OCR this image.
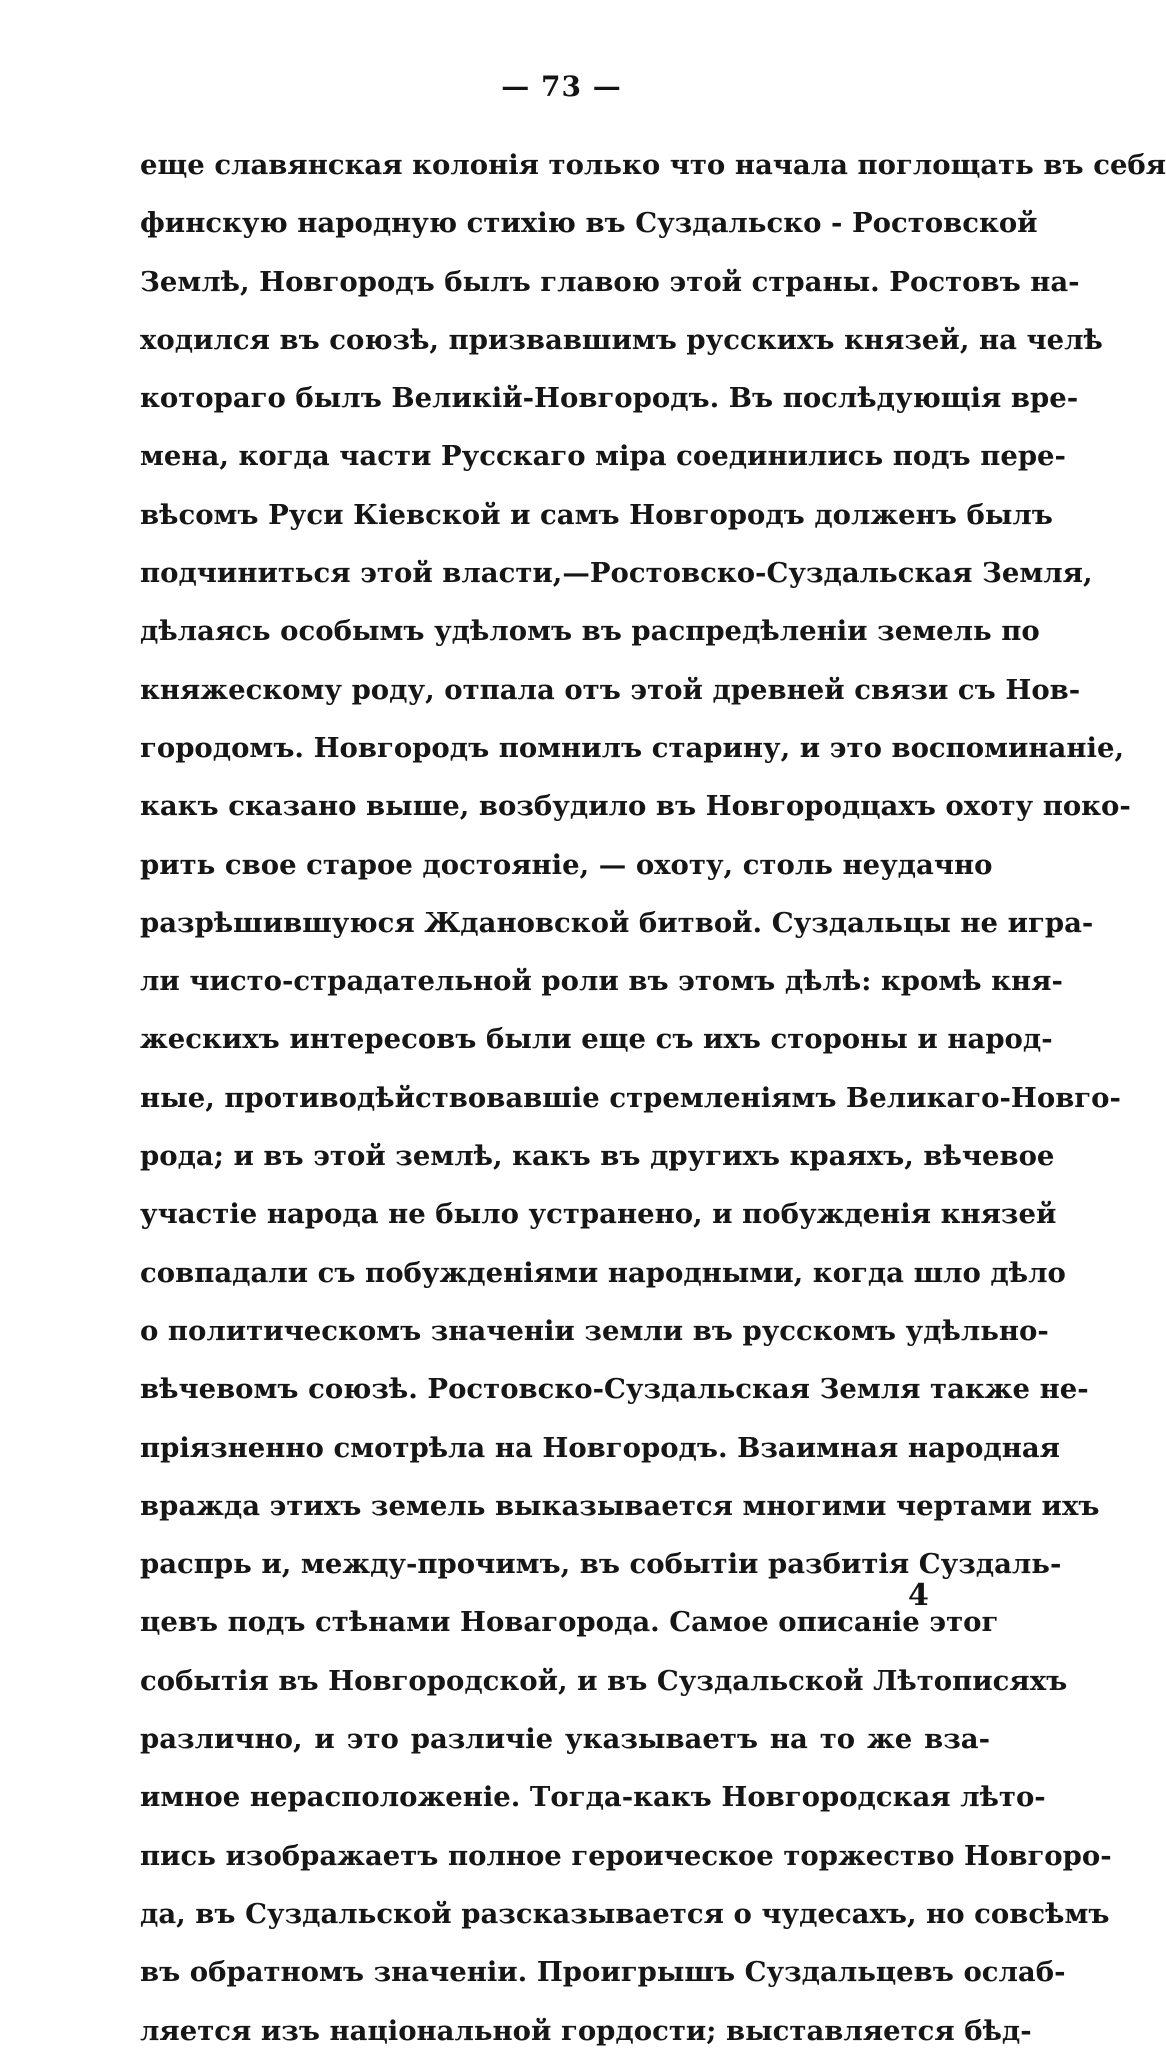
— 73 —
еще славянская колонія только что начала поглощать въ себя
финскую народную стихію въ Суздальско - Ростовской
Землѣ, Новгородъ былъ главою этой страны. Ростовъ на-
ходился въ союзѣ, призвавшимъ русскихъ князей, на челѣ
котораго былъ Великій-Новгородъ. Въ послѣдующія вре-
мена, когда части Русскаго міра соединились подъ пере-
вѣсомъ Руси Кіевской и самъ Новгородъ долженъ былъ
подчиниться этой власти,—Ростовско-Суздальская Земля,
дѣлаясь особымъ удѣломъ въ распредѣленіи земель по
княжескому роду, отпала отъ этой древней связи съ Нов-
городомъ. Новгородъ помнилъ старину, и это воспоминаніе,
какъ сказано выше, возбудило въ Новгородцахъ охоту поко-
рить свое старое достояніе, — охоту, столь неудачно
разрѣшившуюся Ждановской битвой. Суздальцы не игра-
ли чисто-страдательной роли въ этомъ дѣлѣ: кромѣ кня-
жескихъ интересовъ были еще съ ихъ стороны и народ-
ные, противодѣйствовавшіе стремленіямъ Великаго-Новго-
рода; и въ этой землѣ, какъ въ другихъ краяхъ, вѣчевое
участіе народа не было устранено, и побужденія князей
совпадали съ побужденіями народными, когда шло дѣло
о политическомъ значеніи земли въ русскомъ удѣльно-
вѣчевомъ союзѣ. Ростовско-Суздальская Земля также не-
пріязненно смотрѣла на Новгородъ. Взаимная народная
вражда этихъ земель выказывается многими чертами ихъ
распрь и, между-прочимъ, въ событіи разбитія Суздаль-
цевъ подъ стѣнами Новагорода. Самое описаніе этог
событія въ Новгородской, и въ Суздальской Лѣтописяхъ
различно, и это различіе указываетъ на то же вза-
имное нерасположеніе. Тогда-какъ Новгородская лѣто-
пись изображаетъ полное героическое торжество Новгоро-
да, въ Суздальской разсказывается о чудесахъ, но совсѣмъ
въ обратномъ значеніи. Проигрышъ Суздальцевъ ослаб-
ляется изъ національной гордости; выставляется бѣд-
4
